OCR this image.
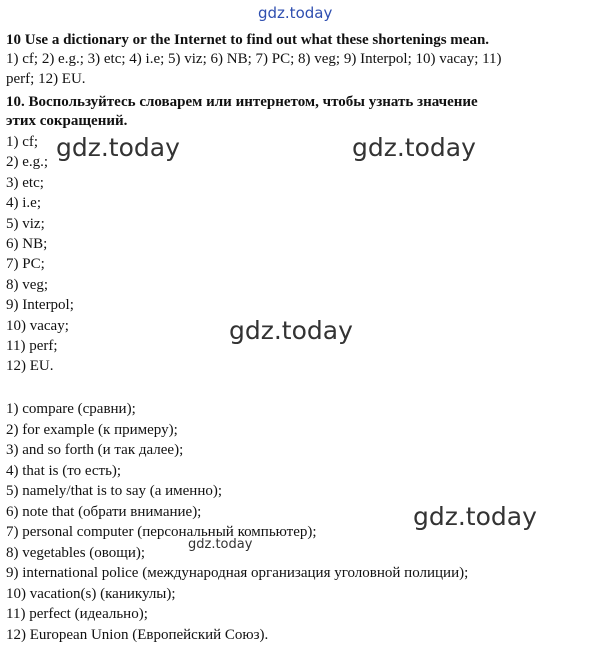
gdz.today
10 Use a dictionary or the Internet to find out what these shortenings mean.
1) cf; 2) e.g.; 3) etc; 4) i.e; 5) viz; 6) NB; 7) PC; 8) veg; 9) Interpol; 10) vacay; 11)
perf; 12) EU.
10. Воспользуйтесь словарем или интернетом, чтобы узнать значение
этих сокращений.
1) cf;
2) e.g.;
3) etc;
4) i.e;
5) viz;
6) NB;
7) PC;
8) veg;
9) Interpol;
10) vacay;
11) perf;
12) EU.
1) compare (сравни);
2) for example (к примеру);
3) and so forth (и так далее);
4) that is (то есть);
5) namely/that is to say (а именно);
6) note that (обрати внимание);
7) personal computer (персональный компьютер);
8) vegetables (овощи);
9) international police (международная организация уголовной полиции);
10) vacation(s) (каникулы);
11) perfect (идеально);
12) European Union (Европейский Союз).
gdz.today	gdz.today
gdz.today
gdz.today
gdz.today
